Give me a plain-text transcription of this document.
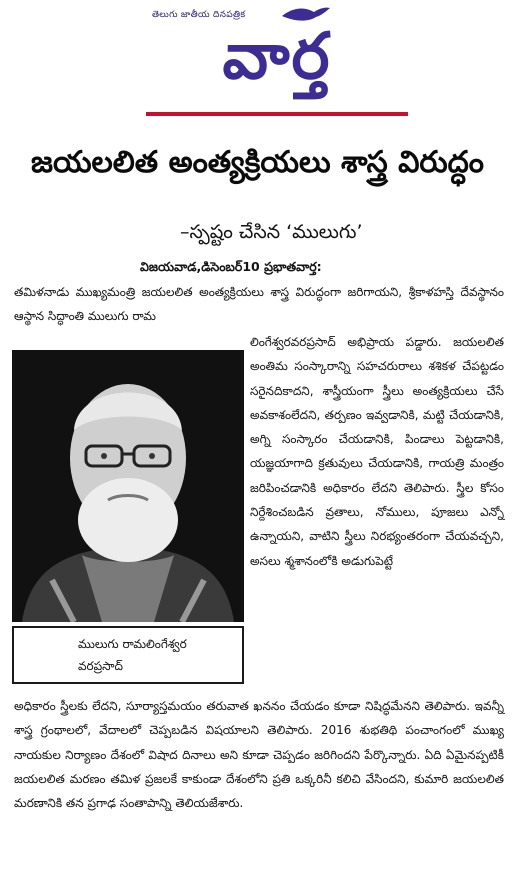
తెలుగు జాతీయ దినపత్రిక
వార్త
జయలలిత అంత్యక్రియలు శాస్త్ర విరుద్ధం
–స్పష్టం చేసిన ‘ములుగు’
విజయవాడ,డిసెంబర్10 ప్రభాతవార్త:
తమిళనాడు ముఖ్యమంత్రి జయలలిత అంత్యక్రియలు శాస్త్ర విరుద్ధంగా జరిగాయని, శ్రీకాళహస్తి దేవస్థానం ఆస్థాన సిద్ధాంతి ములుగు రామ
లింగేశ్వరవరప్రసాద్ అభిప్రాయ పడ్డారు. జయలలిత అంతిమ సంస్కారాన్ని సహచరురాలు శశికళ చేపట్టడం సరైనదికాదని, శాస్త్రీయంగా స్త్రీలు అంత్యక్రియలు చేసే అవకాశంలేదని, తర్పణం ఇవ్వడానికి, మట్టి చేయడానికి, అగ్ని సంస్కారం చేయడానికి, పిండాలు పెట్టడానికి, యజ్ఞయాగాది క్రతువులు చేయడానికి, గాయత్రి మంత్రం జరిపించడానికి అధికారం లేదని తెలిపారు. స్త్రీల కోసం నిర్దేశించబడిన వ్రతాలు, నోములు, పూజలు ఎన్నో ఉన్నాయని, వాటిని స్త్రీలు నిరభ్యంతరంగా చేయవచ్చని, అసలు శ్మశానంలోకి అడుగుపెట్టే
ములుగు రామలింగేశ్వర
వరప్రసాద్
అధికారం స్త్రీలకు లేదని, సూర్యాస్తమయం తరువాత ఖననం చేయడం కూడా నిషిద్ధమేనని తెలిపారు. ఇవన్నీ శాస్త్ర గ్రంథాలలో, వేదాలలో చెప్పబడిన విషయాలని తెలిపారు. 2016 శుభతిథి పంచాంగంలో ముఖ్య నాయకుల నిర్యాణం దేశంలో విషాద దినాలు అని కూడా చెప్పడం జరిగిందని పేర్కొన్నారు. ఏది ఏమైనప్పటికీ జయలలిత మరణం తమిళ ప్రజలకే కాకుండా దేశంలోని ప్రతి ఒక్కరినీ కలిచి వేసిందని, కుమారి జయలలిత మరణానికి తన ప్రగాఢ సంతాపాన్ని తెలియజేశారు.
